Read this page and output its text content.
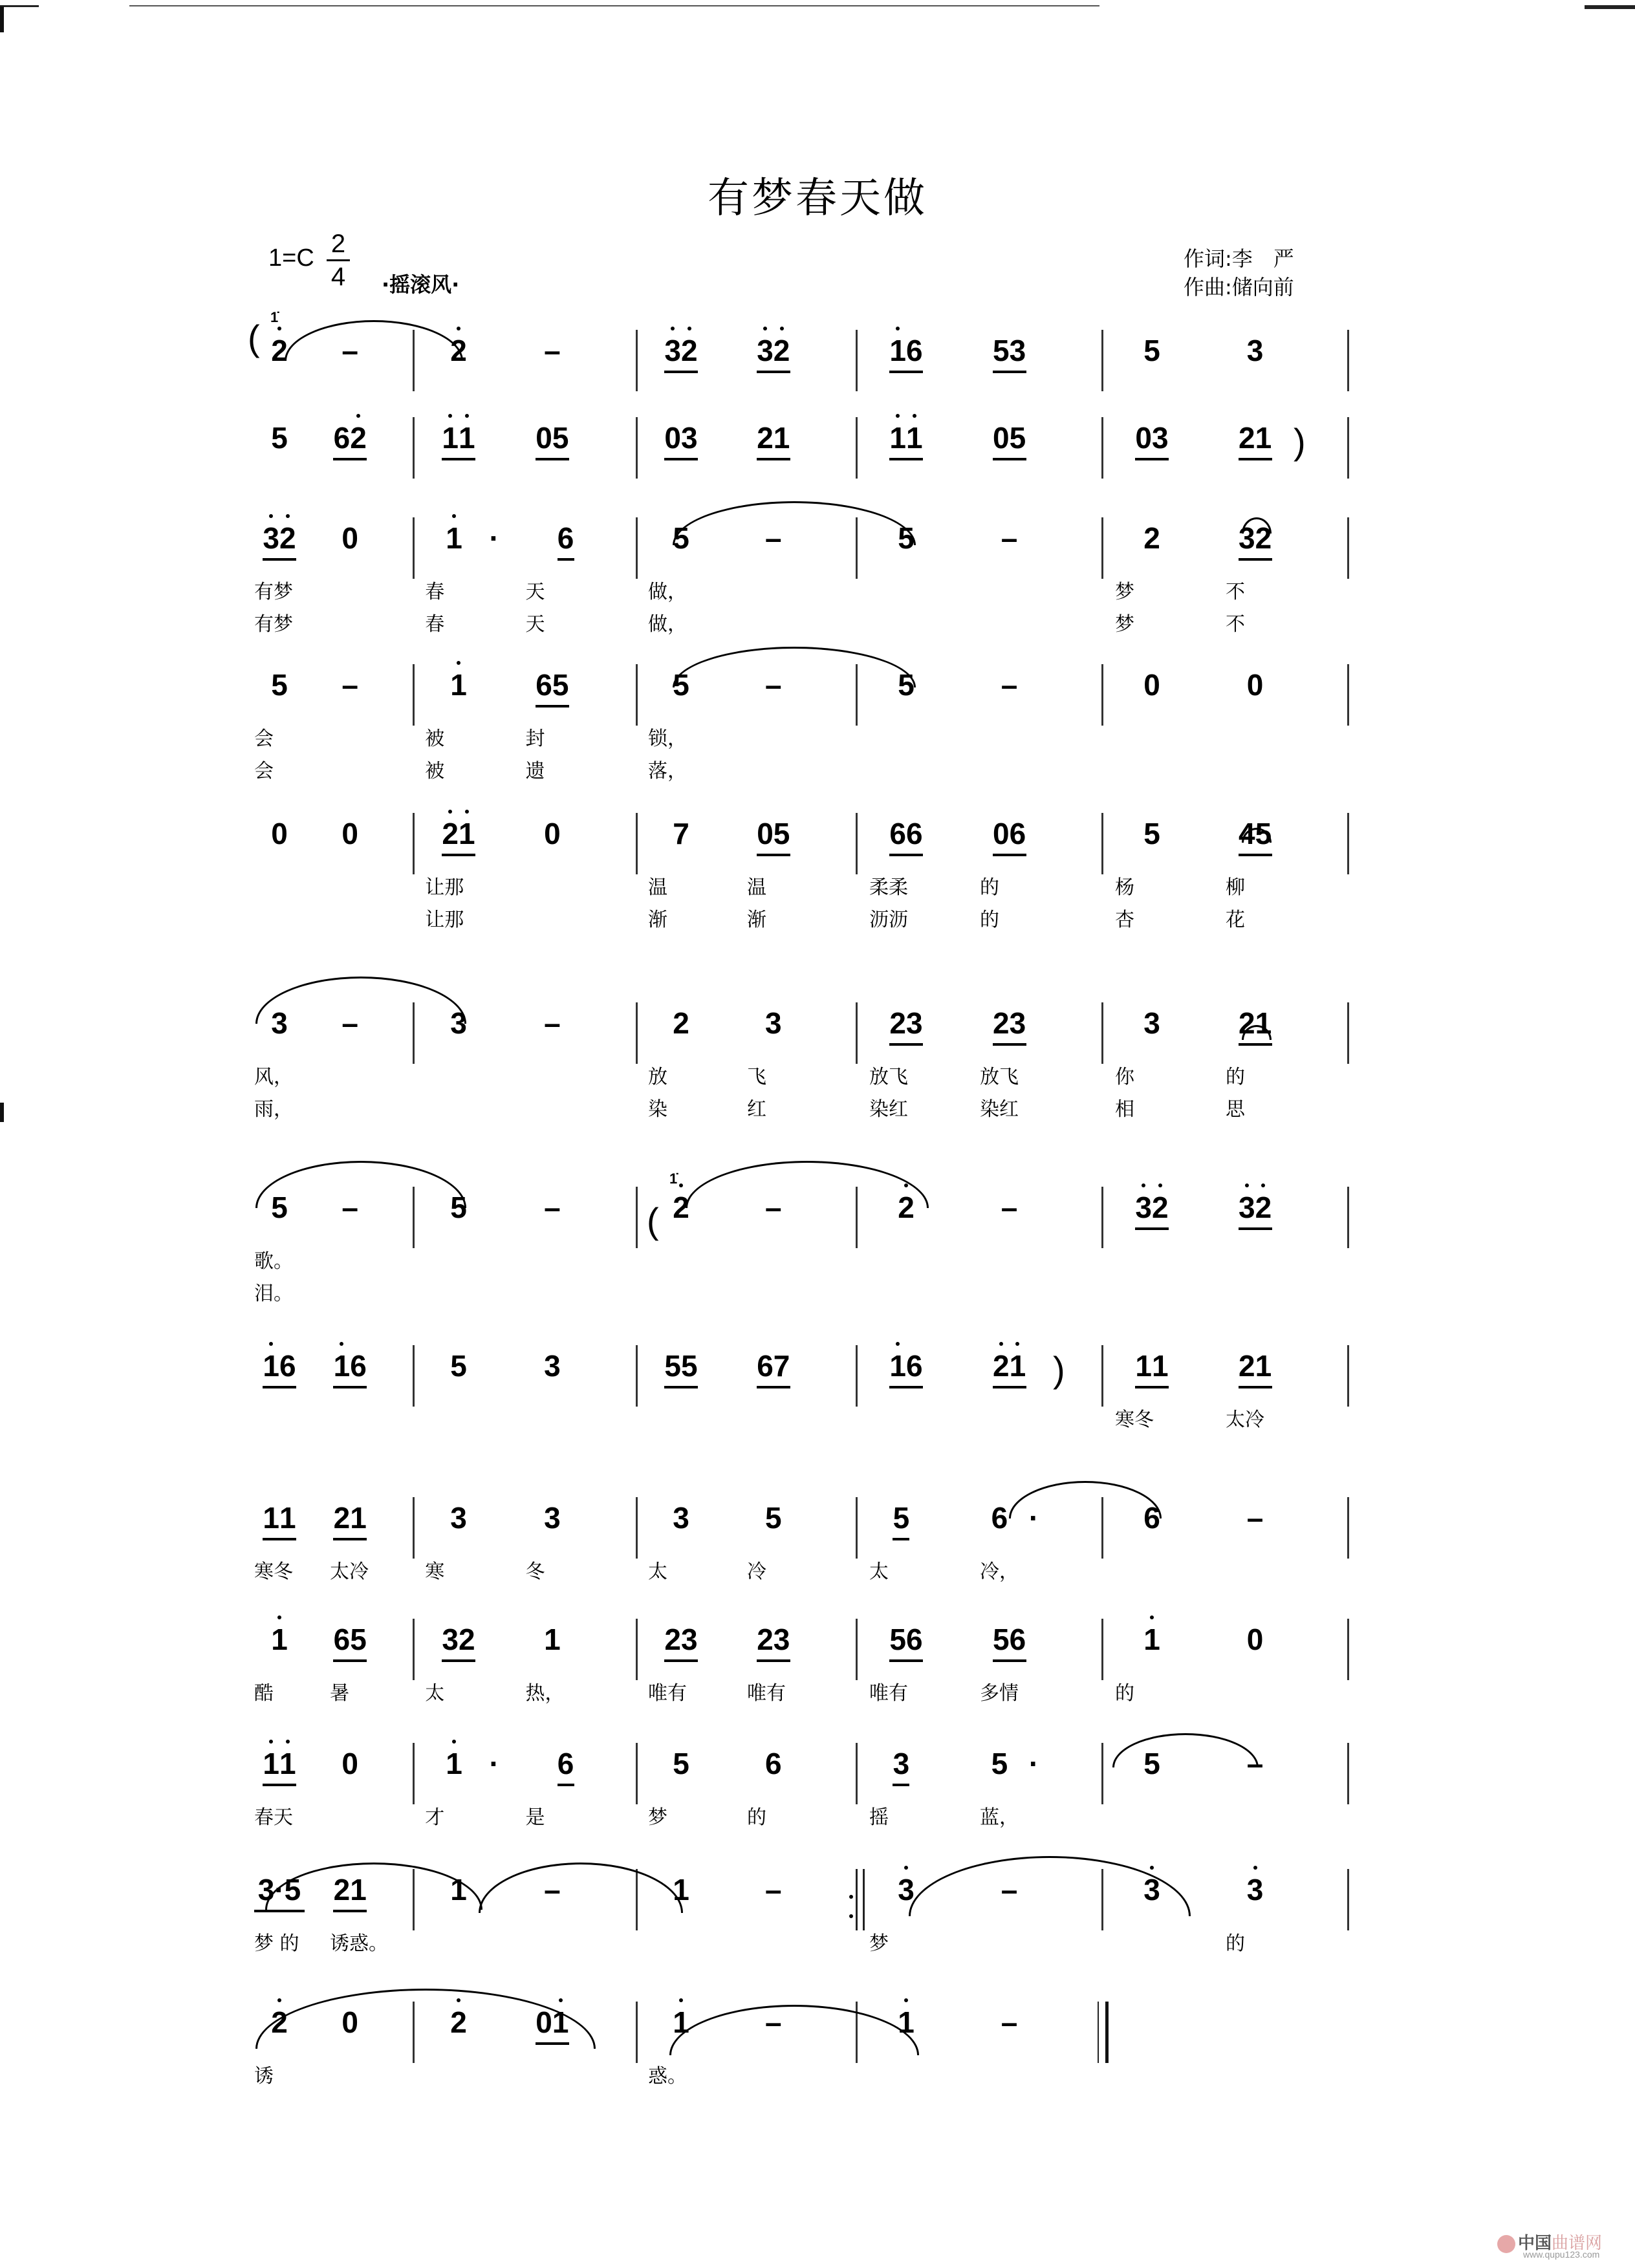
有梦春天做
1=C 2
4 ·摇滚风·
作词:李　严
作曲:储向前
2	–	2	–	32	32	16	53	5	3
5	62	11	05	03	21	11	05	03	21
32	0	1 ·	6	5	–	5	–	2	32
有梦	春	天	做，	梦	不
有梦	春	天	做，	梦	不
5	–	1	65	5	–	5	–	0	0
会	被	封	锁，
会	被	遗	落，
0	0	21	0	7	05	66	06	5	45
让那	温	温	柔柔	的	杨	柳
让那	渐	渐	沥沥	的	杏	花
3	–	3	–	2	3	23	23	3	21
风，	放	飞	放飞	放飞	你	的
雨，	染	红	染红	染红	相	思
5	–	5	–	2	–	2	–	32	32
歌。
泪。
16	16	5	3	55	67	16	21	11	21
寒冬	太冷
11	21	3	3	3	5	5	6 ·	6	–
寒冬 太冷	寒	冬	太	冷	太	冷，
1	65	32	1	23	23	56	56	1	0
酷	暑	太	热，	唯有	唯有	唯有	多情	的
11	0	1 ·	6	5	6	3	5 ·	5	–
春天	才	是	梦	的	摇	蓝，
3·5	21	1	–	1	–	3	–	3	3
梦 的 诱惑。	梦	的
2	0	2	01	1	–	1	–
诱	惑。
(
)
(
)
1̇
1̇
中国曲谱网
www.qupu123.com
